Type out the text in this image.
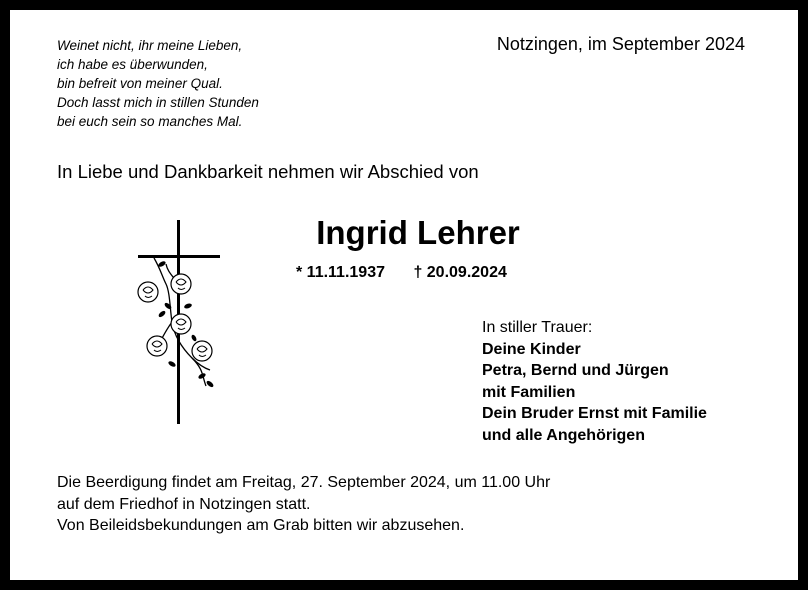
Weinet nicht, ihr meine Lieben,
ich habe es überwunden,
bin befreit von meiner Qual.
Doch lasst mich in stillen Stunden
bei euch sein so manches Mal.
Notzingen, im September 2024
In Liebe und Dankbarkeit nehmen wir Abschied von
Ingrid Lehrer
* 11.11.1937 † 20.09.2024
In stiller Trauer:
Deine Kinder
Petra, Bernd und Jürgen
mit Familien
Dein Bruder Ernst mit Familie
und alle Angehörigen
Die Beerdigung findet am Freitag, 27. September 2024, um 11.00 Uhr
auf dem Friedhof in Notzingen statt.
Von Beileidsbekundungen am Grab bitten wir abzusehen.
